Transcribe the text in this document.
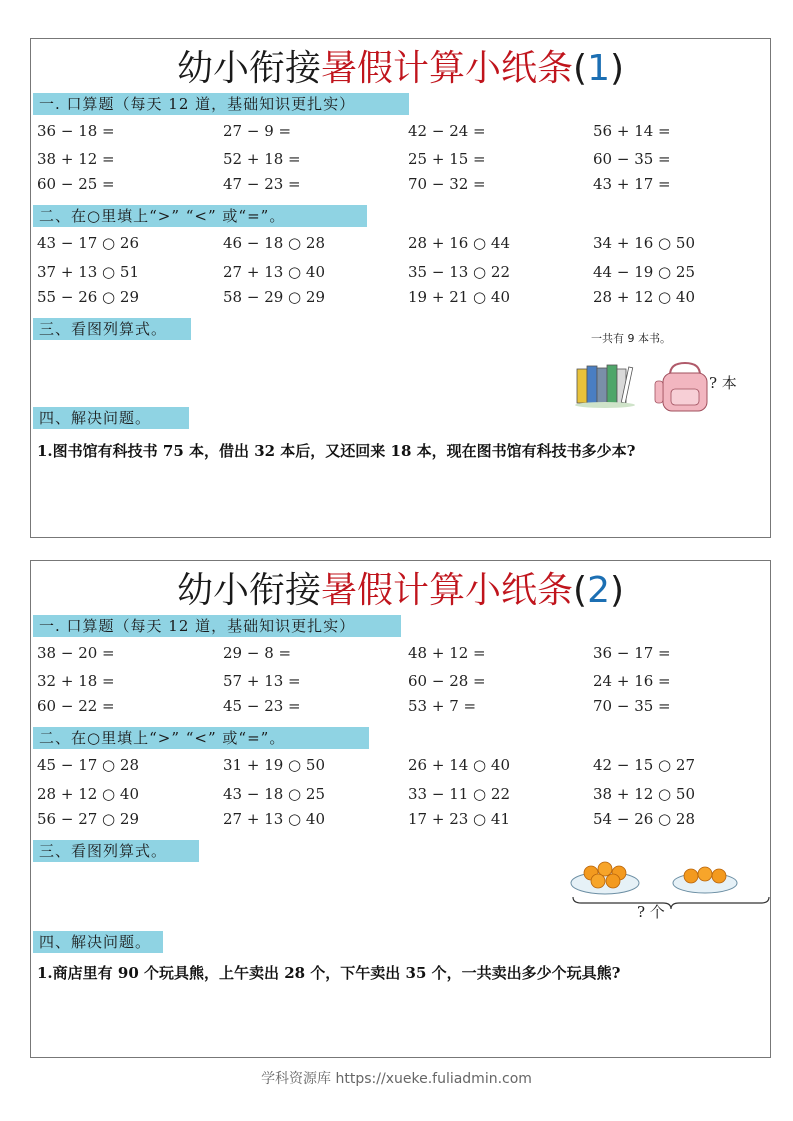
幼小衔接暑假计算小纸条(1)
一. 口算题（每天 12 道，基础知识更扎实）
36 − 18 =	27 − 9 =	42 − 24 =	56 + 14 =
38 + 12 =	52 + 18 =	25 + 15 =	60 − 35 =
60 − 25 =	47 − 23 =	70 − 32 =	43 + 17 =
二、在○里填上“>” “<” 或“=”。
43 − 17 ○ 26	46 − 18 ○ 28	28 + 16 ○ 44	34 + 16 ○ 50
37 + 13 ○ 51	27 + 13 ○ 40	35 − 13 ○ 22	44 − 19 ○ 25
55 − 26 ○ 29	58 − 29 ○ 29	19 + 21 ○ 40	28 + 12 ○ 40
三、看图列算式。
一共有 9 本书。
? 本
四、解决问题。
1.图书馆有科技书 75 本，借出 32 本后，又还回来 18 本，现在图书馆有科技书多少本?
幼小衔接暑假计算小纸条(2)
一. 口算题（每天 12 道，基础知识更扎实）
38 − 20 =	29 − 8 =	48 + 12 =	36 − 17 =
32 + 18 =	57 + 13 =	60 − 28 =	24 + 16 =
60 − 22 =	45 − 23 =	53 + 7 =	70 − 35 =
二、在○里填上“>” “<” 或“=”。
45 − 17 ○ 28	31 + 19 ○ 50	26 + 14 ○ 40	42 − 15 ○ 27
28 + 12 ○ 40	43 − 18 ○ 25	33 − 11 ○ 22	38 + 12 ○ 50
56 − 27 ○ 29	27 + 13 ○ 40	17 + 23 ○ 41	54 − 26 ○ 28
三、看图列算式。
? 个
四、解决问题。
1.商店里有 90 个玩具熊，上午卖出 28 个，下午卖出 35 个，一共卖出多少个玩具熊?
学科资源库 https://xueke.fuliadmin.com
